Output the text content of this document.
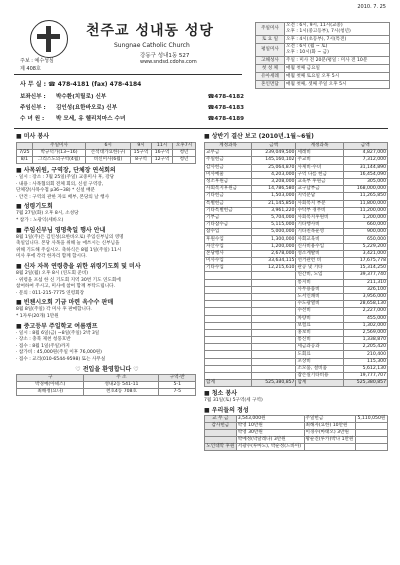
2010. 7. 25
천주교 성내동 성당
Sungnae Catholic Church
주보 : 예수성심
강동구 성내1동 527
제 408호
www.sndsd.cdohs.com
사 무 실 : ☎ 478-4181 (fax) 478-4184
보좌신부 :	박수환(치릴로) 신부	☎ 478-4182
주임신부 :	김인성(요한바오로) 신부	☎ 478-4183
수 녀 원 :	박 모세, 유 헬리치마스 수녀	☎ 478-4189
주일미사	오전 : 6시, 9시, 11시(교중)
오후 : 1시(중고등부), 7시(청년)
토 요 일	오후 : 4시(초등부), 7시(특전)
평일미사	오전 : 6시 (월 ~ 토)
오후 : 10시(화 ~ 금)
고해성사	주일 : 미사 전 20분/평일 : 미사 전 10분
첫 성 체	매월 첫째 금요일
유아세례	매월 첫째 토요일 오후 5시
혼인면담	매월 첫째, 셋째 주일 오후 5시
■ 미사 봉사
	주일미사	6시	9시	11시	오후7시
7/25	박규덕가(13~16)	손석대가요한(구)	15구역	16구역	청년
8/1	그리스도의구역(4월)	비신미사(6월)	8구역	12구역	청년
■ 사목위원, 구역장, 단체장 연석회의
· 일시 : 장소 : 7월 25일(주일) 교중미사 후, 강당
· 내용 : 사목협의회 전체 회의, 신설 구역장,
단체장(사목수첩 p36~38) * 신설 배분
· 안건 : 구역의 관한 자료 배부, 본당의 날 행사
■ 성령기도회
7월 27일(화) 오후 8시, 소성당
* 참가 : 노광익(세바오)
■ 주임신부님 영명축일 행사 안내
8월 1일(주)은 김인성(요한바오로) 주임신부님의 영명
축일입니다. 본당 사목을 위해 늘 애쓰시는 신부님을
위해 기도해 주십시오. 축하식은 8월 1일(주일) 11시
미사 후에 각각 한자리 함께 합시다.
■ 신자 자목 연령층을 위한 위령기도회 및 미사
8월 2일(월) 오후 8시 (연도회 준비)
· 위령을 포섭 한 신 기도회 지역 30번 기도 연도회에
참여하여 주시고, 미사에 참여 함께 부탁드립니다.
· 문의 : 011-215-7775 연령회장
■ 빈첸시오회 기금 마련 옥수수 판매
8월 8일(주일) 각 미사 후 판매합니다.
* 1자루(20개) 1만원
■ 중고등부 주일학교 여름캠프
· 일시 : 8월 6일(금) ~8일(주일) 2박 3일
· 장소 : 충북 제천 청풍호반
· 접수 : 8월 1일(주일)까지
· 참가비 : 45,000원(주일 이후 76,000원)
· 접수 : 교리(010-6544-9598) 또는 사무실
♡ 전입을 환영합니다 ♡
구	주 소	구역-반
박경예(아녜스)	성내2동 541-11	5-1
최해정(요나)	천호4동 708호	7-5
■ 상반기 결산 보고 (2010년.1월~6월)
계정과목	금액	계정과목	금액
교무금	239,049,500	세레비	4,827,000
주일헌금	145,160,102	주교비	7,312,000
감사헌금	25,064,870	사제비·수녀	31,144,890
미사예물	4,203,000	구역 다름 헌금	16,454,090
성소후원금	3,208,000	교육부 후원금	305,000
사회복지후원금	14,786,580	교구납부금	168,000,000
기타헌금	1,503,000	지역분담	11,265,850
특별헌금	21,145,850	사회복지 부분	11,800,000
기타특별헌금	3,961,220	수탁부 경무비	11,200,000
기부금	5,704,000	사회복지후원비	1,200,000
기타잡수금	5,115,000	기타행사비	660,000
잡수입	5,000,000	기타친목운영	900,000
후원수입	1,300,000	사회교육비	650,000
자산수입	1,200,000	신사비용수입	5,229,200
본당행사	2,678,000	성소계발비	3,421,000
미사수입	33,634,115	선거관련 비	17,675,778
기타수입	12,215,610	관공 및 기타	15,314,250
		연간비, 노임	39,377,740
		통지비	211,310
		사무용품비	326,100
		도서인쇄비	3,956,000
		수도광열비	28,658,130
		수선비	2,227,000
		차량비	455,000
		보험료	1,302,000
		홍보비	2,569,000
		통신비	1,338,870
		세금과공과	2,205,420
		도회료	210,400
		포상비	115,300
		소모품, 설비품	5,612,130
		잡손실기타비용	19,777,707
합계	525,380,857	합계	525,380,857
■ 청소 봉사
7월 31일(토) 5구역(세 구역)
■ 우리들의 정성
교 무 금	3,543,000원	주일헌금	5,110,050원
감사헌금	박영 10만원	최해자(요한) 10만원	
	박영 30만원	이경수(마태오) 3만원	
	박예정(막달레나) 3만원	황순진(루카)박나 1만원	
노인대학 후원	서광수(루마노), 박순정(느바아)		
